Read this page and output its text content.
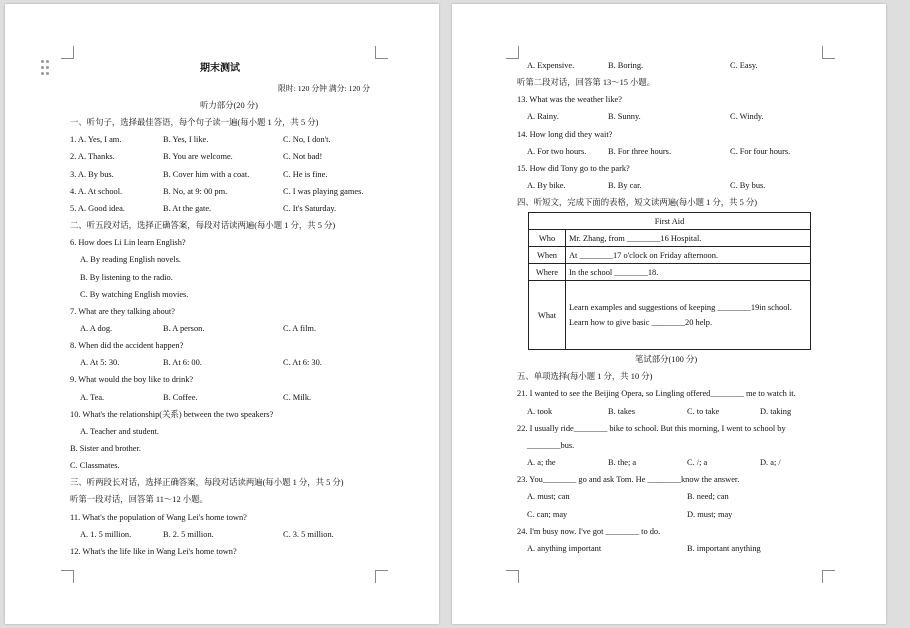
期末测试
限时: 120 分钟 满分: 120 分
听力部分(20 分)
一、听句子，选择最佳答语，每个句子读一遍(每小题 1 分，共 5 分)
1. A. Yes, I am.	B. Yes, I like.	C. No, I don't.
2. A. Thanks.	B. You are welcome.	C. Not bad!
3. A. By bus.	B. Cover him with a coat.	C. He is fine.
4. A. At school.	B. No, at 9: 00 pm.	C. I was playing games.
5. A. Good idea.	B. At the gate.	C. It's Saturday.
二、听五段对话，选择正确答案，每段对话读两遍(每小题 1 分，共 5 分)
6. How does Li Lin learn English?
A. By reading English novels.
B. By listening to the radio.
C. By watching English movies.
7. What are they talking about?
A. A dog.	B. A person.	C. A film.
8. When did the accident happen?
A. At 5: 30.	B. At 6: 00.	C. At 6: 30.
9. What would the boy like to drink?
A. Tea.	B. Coffee.	C. Milk.
10. What's the relationship(关系) between the two speakers?
A. Teacher and student.
B. Sister and brother.
C. Classmates.
三、听两段长对话，选择正确答案，每段对话读两遍(每小题 1 分，共 5 分)
听第一段对话，回答第 11～12 小题。
11. What's the population of Wang Lei's home town?
A. 1. 5 million.	B. 2. 5 million.	C. 3. 5 million.
12. What's the life like in Wang Lei's home town?
A. Expensive.	B. Boring.	C. Easy.
听第二段对话，回答第 13～15 小题。
13. What was the weather like?
A. Rainy.	B. Sunny.	C. Windy.
14. How long did they wait?
A. For two hours.	B. For three hours.	C. For four hours.
15. How did Tony go to the park?
A. By bike.	B. By car.	C. By bus.
四、听短文，完成下面的表格，短文读两遍(每小题 1 分，共 5 分)
First Aid	
Who	Mr. Zhang, from ________16 Hospital.
When	At ________17 o'clock on Friday afternoon.
Where	In the school ________18.
What	Learn examples and suggestions of keeping ________19in school.
Learn how to give basic ________20 help.
笔试部分(100 分)
五、单项选择(每小题 1 分，共 10 分)
21. I wanted to see the Beijing Opera, so Lingling offered________ me to watch it.
A. took	B. takes	C. to take	D. taking
22. I usually ride________ bike to school. But this morning, I went to school by
________bus.
A. a; the	B. the; a	C. /; a	D. a; /
23. You________ go and ask Tom. He ________know the answer.
A. must; can	B. need; can
C. can; may	D. must; may
24. I'm busy now. I've got ________ to do.
A. anything important	B. important anything
